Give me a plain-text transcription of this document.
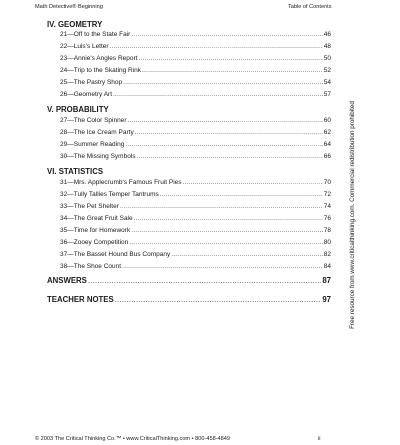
Math Detective® Beginning	Table of Contents
IV. GEOMETRY
21—Off to the State Fair .....	46
22—Luis's Letter .....	48
23—Annie's Angles Report .....	50
24—Trip to the Skating Rink .....	52
25—The Pastry Shop .....	54
26—Geometry Art .....	57
V. PROBABILITY
27—The Color Spinner .....	60
28—The Ice Cream Party .....	62
29—Summer Reading .....	64
30—The Missing Symbols .....	66
VI. STATISTICS
31—Mrs. Applecrumb's Famous Fruit Pies .....	70
32—Tully Tallies Temper Tantrums .....	72
33—The Pet Shelter .....	74
34—The Great Fruit Sale .....	76
35—Time for Homework .....	78
36—Zooey Competition .....	80
37—The Basset Hound Bus Company .....	82
38—The Shoe Count .....	84
ANSWERS .....	87
TEACHER NOTES .....	97	Free resource from www.criticalthinking.com. Commercial redistribution prohibited
© 2003 The Critical Thinking Co.™ • www.CriticalThinking.com • 800-458-4849	ii
